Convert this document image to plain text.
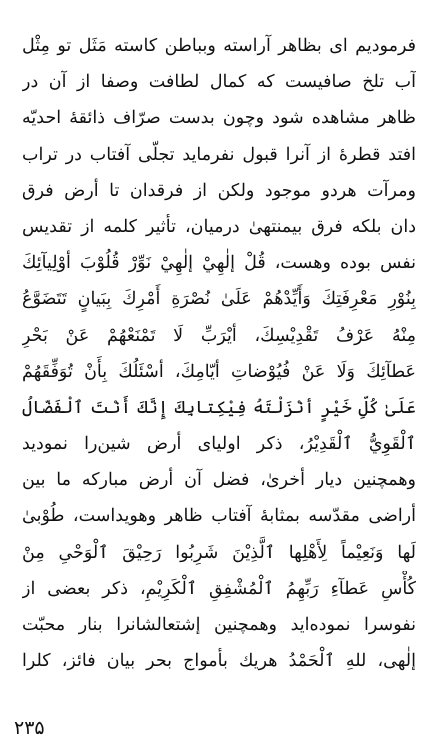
فرموديم اى بظاهر آراسته وبباطن كاسته مَثَل تو مِثْل
آب تلخ صافيست كه كمال لطافت وصفا از آن در
ظاهر مشاهده شود وچون بدست صرّاف ذائقهٔ احديّه
افتد قطرهٔ از آنرا قبول نفرمايد تجلّى آفتاب در تراب
ومرآت هردو موجود ولكن از فرقدان تا أرض فرق
دان بلكه فرق بيمنتهىٰ درميان، تأثير كلمه از تقديس
نفس بوده وهست، قُلْ إلٰهِيْ إلٰهِيْ نَوِّرْ قُلُوْبَ أوْلِيآئِكَ
بِنُوْرِ مَعْرِفَتِكَ وَأَيِّدْهُمْ عَلَىٰ نُصْرَةِ أَمْرِكَ بِبَيانٍ تَتَضَوَّعُ
مِنْهُ عَرْفُ تَقْدِيْسِكَ، أيْرَبِّ لَا تَمْنَعْهُمْ عَنْ بَحْرِ
عَطآئِكَ وَلَا عَنْ فُيُوْضاتِ أيّامِكَ، أسْئَلُكَ بِأَنْ تُوَفِّقَهُمْ
عَلَىٰ كُلِّ خَيْرٍ أنْزَلْتَهُ فِيْكِتابِكَ إِنَّكَ أَنْتَ ٱلْفَضّالُ
ٱلْقَوِيُّ ٱلْقَدِيْرُ، ذكر اولياى أرض شين‌را نموديد
وهمچنين ديار أخرىٰ، فضل آن أرض مباركه ما بين
أراضى مقدّسه بمثابهٔ آفتاب ظاهر وهويداست، طُوْبىٰ
لَها وَنَعِيْماً لِأَهْلِها ٱلَّذِيْنَ شَرِبُوا رَحِيْقَ ٱلْوَحْىِ مِنْ
كُأْسِ عَطآءِ رَبِّهِمُ ٱلْمُشْفِقِ ٱلْكَرِيْمِ، ذكر بعضى از
نفوسرا نموده‌ايد وهمچنين إشتعالشانرا بنار محبّت
إلٰهى، للهِ ٱلْحَمْدُ هريك بأمواج بحر بيان فائز، كلرا
۲۳۵
